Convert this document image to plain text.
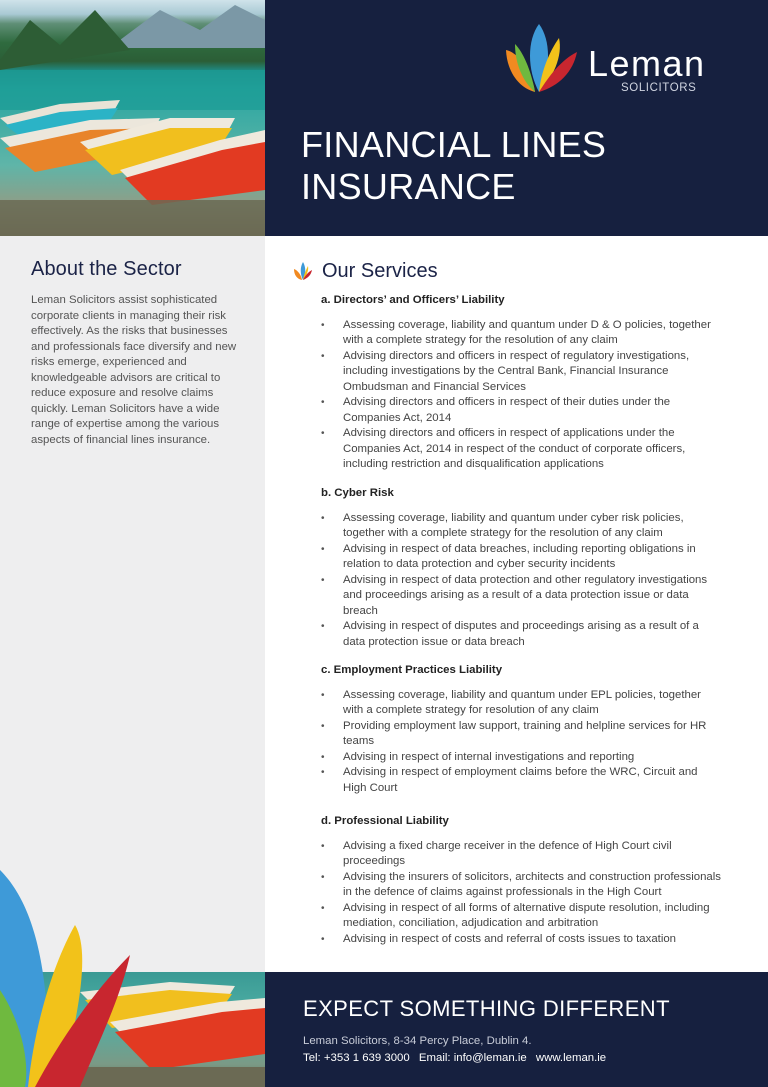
About the Sector

Leman Solicitors assist sophisticated corporate clients in managing their risk effectively. As the risks that businesses and professionals face diversify and new risks emerge, experienced and knowledgeable advisors are critical to reduce exposure and resolve claims quickly. Leman Solicitors have a wide range of expertise among the various aspects of financial lines insurance.

Leman
SOLICITORS
FINANCIAL LINES
INSURANCE
Our Services
a. Directors’ and Officers’ Liability
• Assessing coverage, liability and quantum under D & O policies, together with a complete strategy for the resolution of any claim
• Advising directors and officers in respect of regulatory investigations, including investigations by the Central Bank, Financial Insurance Ombudsman and Financial Services
• Advising directors and officers in respect of their duties under the Companies Act, 2014
• Advising directors and officers in respect of applications under the Companies Act, 2014 in respect of the conduct of corporate officers, including restriction and disqualification applications
b. Cyber Risk
• Assessing coverage, liability and quantum under cyber risk policies, together with a complete strategy for the resolution of any claim
• Advising in respect of data breaches, including reporting obligations in relation to data protection and cyber security incidents
• Advising in respect of data protection and other regulatory investigations and proceedings arising as a result of a data protection issue or data breach
• Advising in respect of disputes and proceedings arising as a result of a data protection issue or data breach
c. Employment Practices Liability
• Assessing coverage, liability and quantum under EPL policies, together with a complete strategy for resolution of any claim
• Providing employment law support, training and helpline services for HR teams
• Advising in respect of internal investigations and reporting
• Advising in respect of employment claims before the WRC, Circuit and High Court
d. Professional Liability
• Advising a fixed charge receiver in the defence of High Court civil proceedings
• Advising the insurers of solicitors, architects and construction professionals in the defence of claims against professionals in the High Court
• Advising in respect of all forms of alternative dispute resolution, including mediation, conciliation, adjudication and arbitration
• Advising in respect of costs and referral of costs issues to taxation
EXPECT SOMETHING DIFFERENT
Leman Solicitors, 8-34 Percy Place, Dublin 4.
Tel: +353 1 639 3000 Email: info@leman.ie www.leman.ie
